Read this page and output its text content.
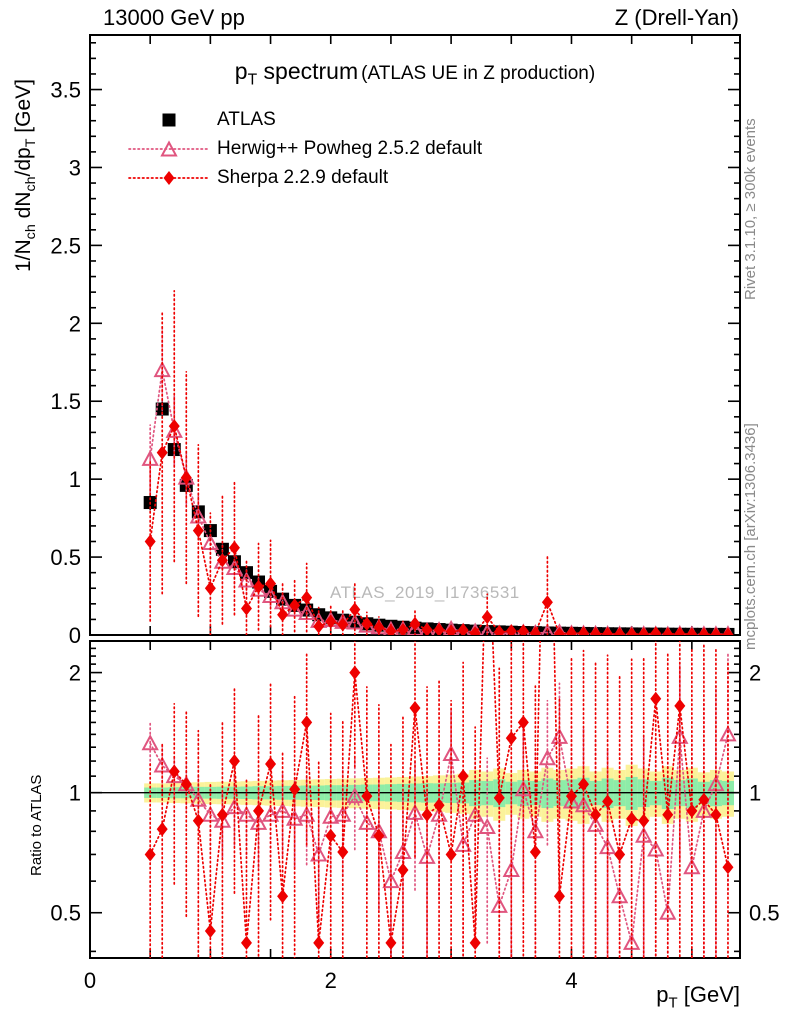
ATLAS_2019_I1736531
0
0.5
1
1.5
2
2.5
3
3.5
0.5	0.5
1	1
2	2
0	2	4
13000 GeV pp	Z (Drell-Yan)
$p_T$ spectrum (ATLAS UE in Z production)
ATLAS
Herwig++ Powheg 2.5.2 default
Sherpa 2.2.9 default
$1/N_{ch}$ $dN_{ch}/dp_T$ [GeV]
Ratio to ATLAS
$p_T$ [GeV]
Rivet 3.1.10, ≥ 300k events
mcplots.cern.ch [arXiv:1306.3436]
